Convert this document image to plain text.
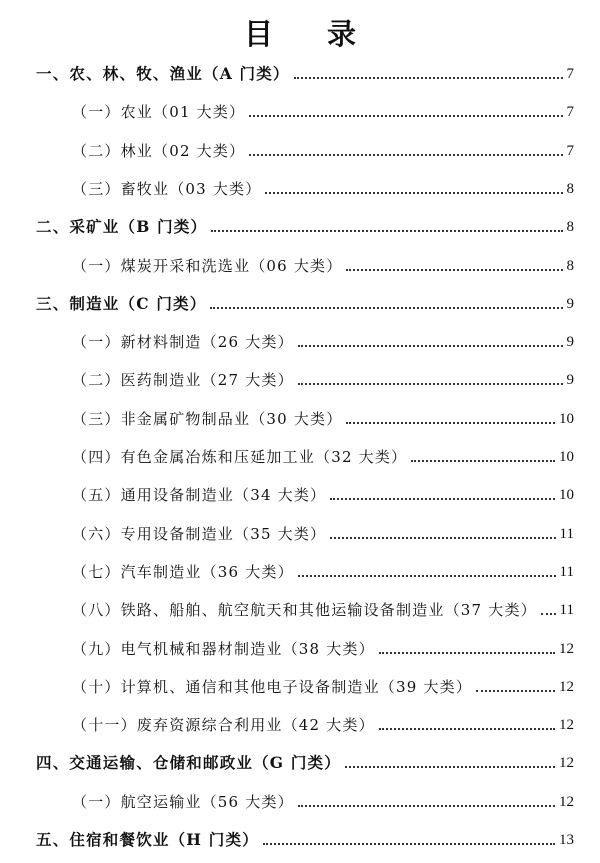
目 录
一、农、林、牧、渔业（A 门类）	7
（一）农业（01 大类）	7
（二）林业（02 大类）	7
（三）畜牧业（03 大类）	8
二、采矿业（B 门类）	8
（一）煤炭开采和洗选业（06 大类）	8
三、制造业（C 门类）	9
（一）新材料制造（26 大类）	9
（二）医药制造业（27 大类）	9
（三）非金属矿物制品业（30 大类）	10
（四）有色金属冶炼和压延加工业（32 大类）	10
（五）通用设备制造业（34 大类）	10
（六）专用设备制造业（35 大类）	11
（七）汽车制造业（36 大类）	11
（八）铁路、船舶、航空航天和其他运输设备制造业（37 大类） 11
（九）电气机械和器材制造业（38 大类）	12
（十）计算机、通信和其他电子设备制造业（39 大类）	12
（十一）废弃资源综合利用业（42 大类）	12
四、交通运输、仓储和邮政业（G 门类）	12
（一）航空运输业（56 大类）	12
五、住宿和餐饮业（H 门类）	13
